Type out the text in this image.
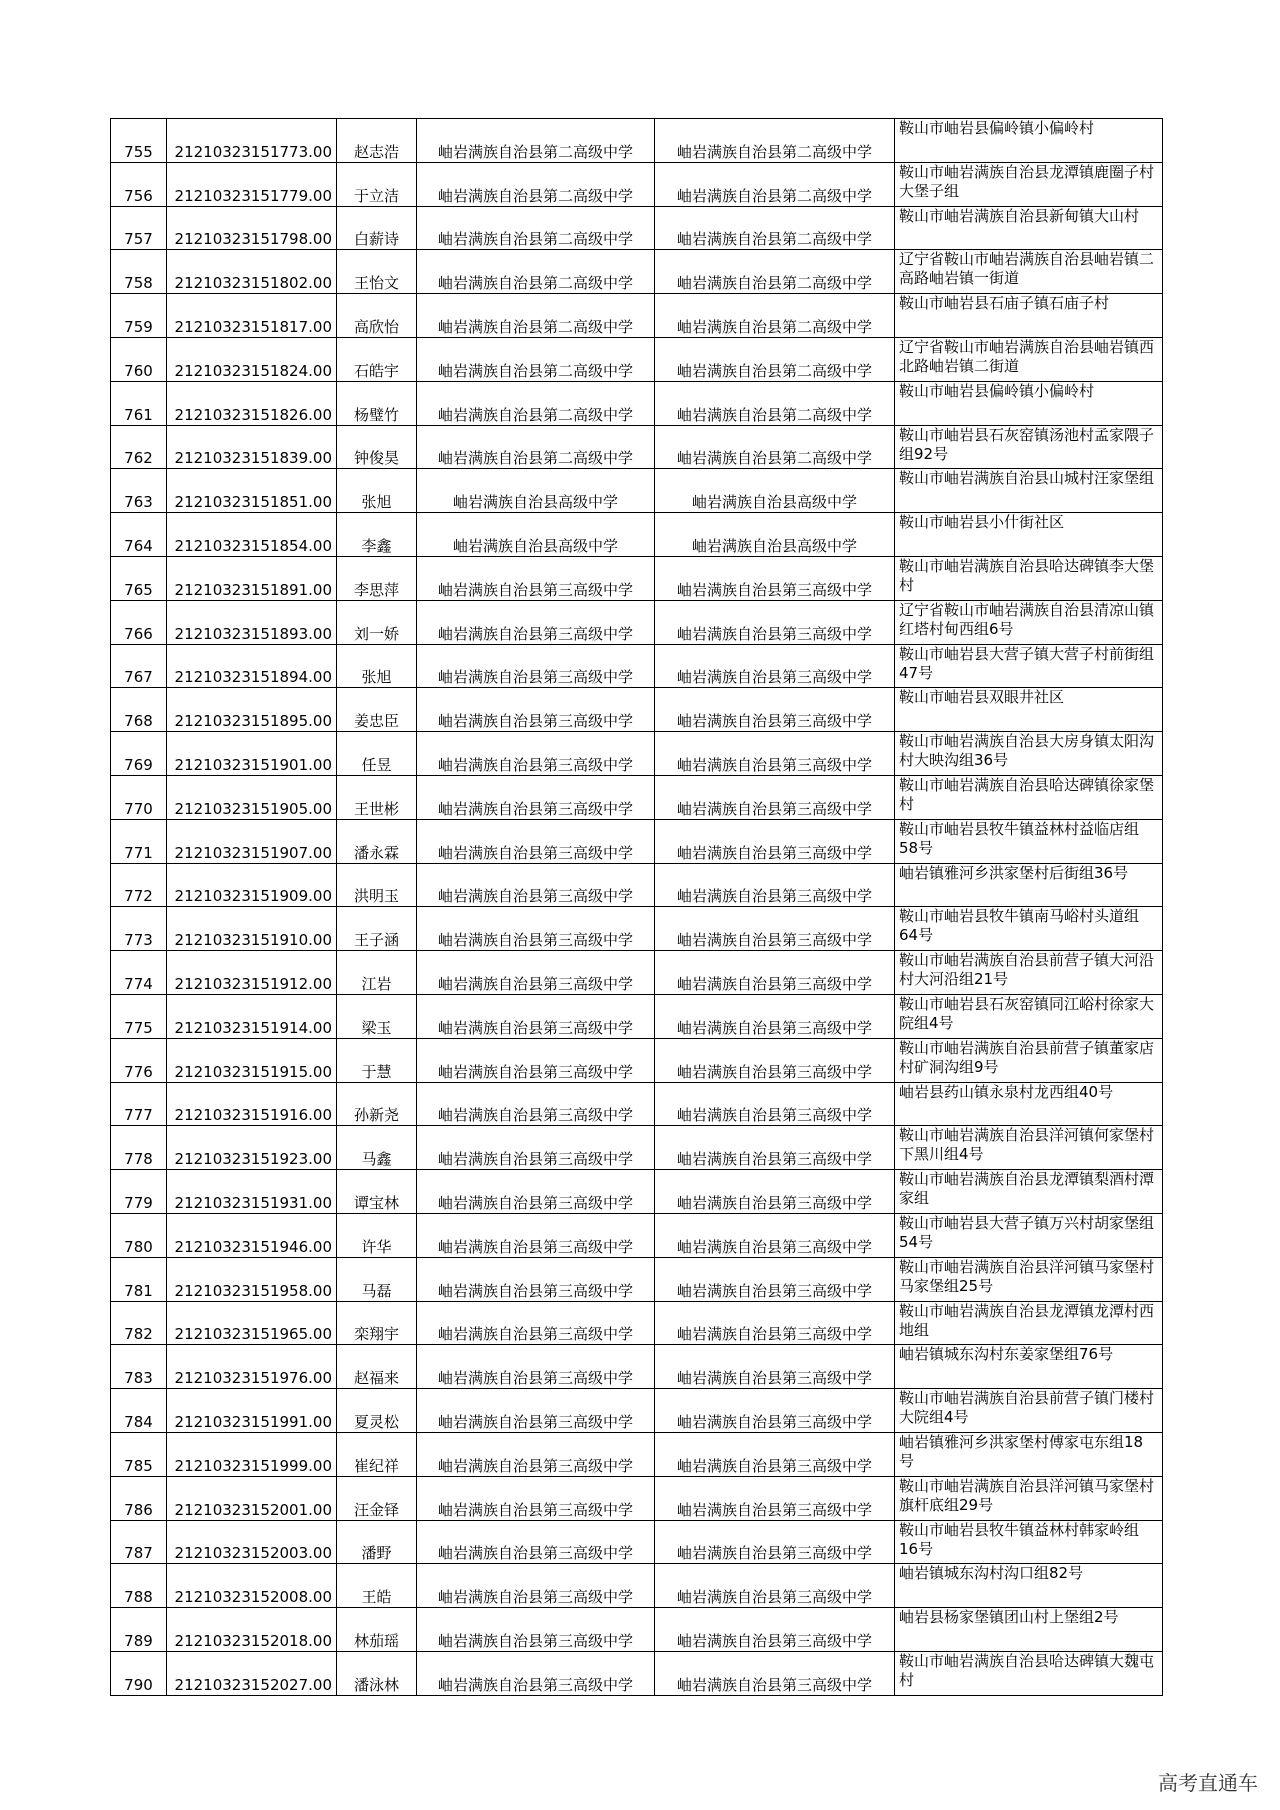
755	21210323151773.00	赵志浩	岫岩满族自治县第二高级中学	岫岩满族自治县第二高级中学	鞍山市岫岩县偏岭镇小偏岭村
756	21210323151779.00	于立洁	岫岩满族自治县第二高级中学	岫岩满族自治县第二高级中学	鞍山市岫岩满族自治县龙潭镇鹿圈子村大堡子组
757	21210323151798.00	白薪诗	岫岩满族自治县第二高级中学	岫岩满族自治县第二高级中学	鞍山市岫岩满族自治县新甸镇大山村
758	21210323151802.00	王怡文	岫岩满族自治县第二高级中学	岫岩满族自治县第二高级中学	辽宁省鞍山市岫岩满族自治县岫岩镇二高路岫岩镇一街道
759	21210323151817.00	高欣怡	岫岩满族自治县第二高级中学	岫岩满族自治县第二高级中学	鞍山市岫岩县石庙子镇石庙子村
760	21210323151824.00	石皓宇	岫岩满族自治县第二高级中学	岫岩满族自治县第二高级中学	辽宁省鞍山市岫岩满族自治县岫岩镇西北路岫岩镇二街道
761	21210323151826.00	杨璧竹	岫岩满族自治县第二高级中学	岫岩满族自治县第二高级中学	鞍山市岫岩县偏岭镇小偏岭村
762	21210323151839.00	钟俊昊	岫岩满族自治县第二高级中学	岫岩满族自治县第二高级中学	鞍山市岫岩县石灰窑镇汤池村孟家隈子组92号
763	21210323151851.00	张旭	岫岩满族自治县高级中学	岫岩满族自治县高级中学	鞍山市岫岩满族自治县山城村汪家堡组
764	21210323151854.00	李鑫	岫岩满族自治县高级中学	岫岩满族自治县高级中学	鞍山市岫岩县小什街社区
765	21210323151891.00	李思萍	岫岩满族自治县第三高级中学	岫岩满族自治县第三高级中学	鞍山市岫岩满族自治县哈达碑镇李大堡村
766	21210323151893.00	刘一娇	岫岩满族自治县第三高级中学	岫岩满族自治县第三高级中学	辽宁省鞍山市岫岩满族自治县清凉山镇红塔村甸西组6号
767	21210323151894.00	张旭	岫岩满族自治县第三高级中学	岫岩满族自治县第三高级中学	鞍山市岫岩县大营子镇大营子村前街组47号
768	21210323151895.00	姜忠臣	岫岩满族自治县第三高级中学	岫岩满族自治县第三高级中学	鞍山市岫岩县双眼井社区
769	21210323151901.00	任昱	岫岩满族自治县第三高级中学	岫岩满族自治县第三高级中学	鞍山市岫岩满族自治县大房身镇太阳沟村大映沟组36号
770	21210323151905.00	王世彬	岫岩满族自治县第三高级中学	岫岩满族自治县第三高级中学	鞍山市岫岩满族自治县哈达碑镇徐家堡村
771	21210323151907.00	潘永霖	岫岩满族自治县第三高级中学	岫岩满族自治县第三高级中学	鞍山市岫岩县牧牛镇益林村益临店组58号
772	21210323151909.00	洪明玉	岫岩满族自治县第三高级中学	岫岩满族自治县第三高级中学	岫岩镇雅河乡洪家堡村后街组36号
773	21210323151910.00	王子涵	岫岩满族自治县第三高级中学	岫岩满族自治县第三高级中学	鞍山市岫岩县牧牛镇南马峪村头道组64号
774	21210323151912.00	江岩	岫岩满族自治县第三高级中学	岫岩满族自治县第三高级中学	鞍山市岫岩满族自治县前营子镇大河沿村大河沿组21号
775	21210323151914.00	梁玉	岫岩满族自治县第三高级中学	岫岩满族自治县第三高级中学	鞍山市岫岩县石灰窑镇同江峪村徐家大院组4号
776	21210323151915.00	于慧	岫岩满族自治县第三高级中学	岫岩满族自治县第三高级中学	鞍山市岫岩满族自治县前营子镇董家店村矿洞沟组9号
777	21210323151916.00	孙新尧	岫岩满族自治县第三高级中学	岫岩满族自治县第三高级中学	岫岩县药山镇永泉村龙西组40号
778	21210323151923.00	马鑫	岫岩满族自治县第三高级中学	岫岩满族自治县第三高级中学	鞍山市岫岩满族自治县洋河镇何家堡村下黑川组4号
779	21210323151931.00	谭宝林	岫岩满族自治县第三高级中学	岫岩满族自治县第三高级中学	鞍山市岫岩满族自治县龙潭镇梨酒村潭家组
780	21210323151946.00	许华	岫岩满族自治县第三高级中学	岫岩满族自治县第三高级中学	鞍山市岫岩县大营子镇万兴村胡家堡组54号
781	21210323151958.00	马磊	岫岩满族自治县第三高级中学	岫岩满族自治县第三高级中学	鞍山市岫岩满族自治县洋河镇马家堡村马家堡组25号
782	21210323151965.00	栾翔宇	岫岩满族自治县第三高级中学	岫岩满族自治县第三高级中学	鞍山市岫岩满族自治县龙潭镇龙潭村西地组
783	21210323151976.00	赵福来	岫岩满族自治县第三高级中学	岫岩满族自治县第三高级中学	岫岩镇城东沟村东姜家堡组76号
784	21210323151991.00	夏灵松	岫岩满族自治县第三高级中学	岫岩满族自治县第三高级中学	鞍山市岫岩满族自治县前营子镇门楼村大院组4号
785	21210323151999.00	崔纪祥	岫岩满族自治县第三高级中学	岫岩满族自治县第三高级中学	岫岩镇雅河乡洪家堡村傅家屯东组18号
786	21210323152001.00	汪金铎	岫岩满族自治县第三高级中学	岫岩满族自治县第三高级中学	鞍山市岫岩满族自治县洋河镇马家堡村旗杆底组29号
787	21210323152003.00	潘野	岫岩满族自治县第三高级中学	岫岩满族自治县第三高级中学	鞍山市岫岩县牧牛镇益林村韩家岭组16号
788	21210323152008.00	王皓	岫岩满族自治县第三高级中学	岫岩满族自治县第三高级中学	岫岩镇城东沟村沟口组82号
789	21210323152018.00	林茄瑶	岫岩满族自治县第三高级中学	岫岩满族自治县第三高级中学	岫岩县杨家堡镇团山村上堡组2号
790	21210323152027.00	潘泳林	岫岩满族自治县第三高级中学	岫岩满族自治县第三高级中学	鞍山市岫岩满族自治县哈达碑镇大魏屯村
高考直通车
